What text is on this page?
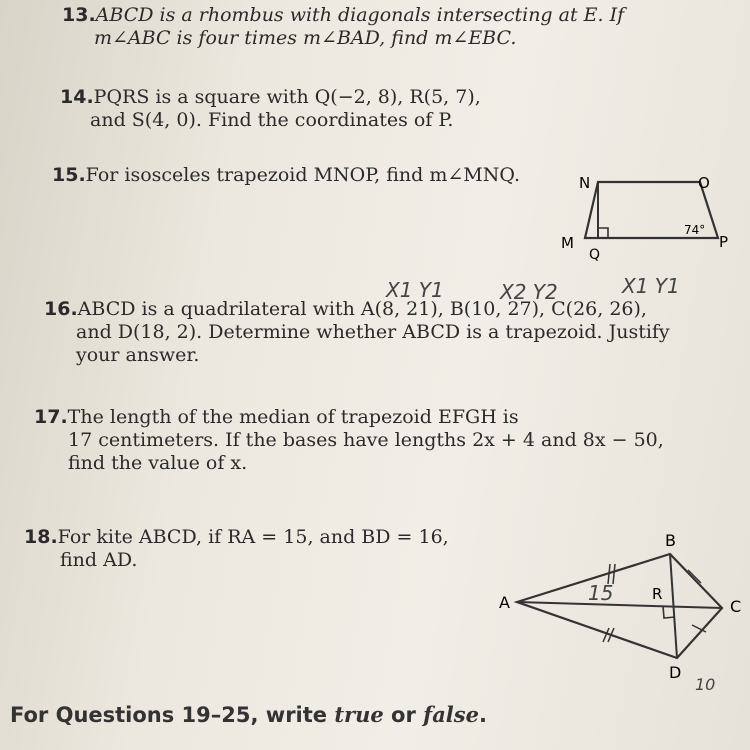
13.ABCD is a rhombus with diagonals intersecting at E. If
m∠ABC is four times m∠BAD, find m∠EBC.
14.PQRS is a square with Q(−2, 8), R(5, 7),
and S(4, 0). Find the coordinates of P.
15.For isosceles trapezoid MNOP, find m∠MNQ.	N	O
M	P
Q
74°
16.ABCD is a quadrilateral with A(8, 21), B(10, 27), C(26, 26),
and D(18, 2). Determine whether ABCD is a trapezoid. Justify
your answer.
X1 Y1	X2 Y2	X1 Y1
17.The length of the median of trapezoid EFGH is
17 centimeters. If the bases have lengths 2x + 4 and 8x − 50,
find the value of x.
18.For kite ABCD, if RA = 15, and BD = 16,
find AD.
A
B
C
D
R
15
10
For Questions 19–25, write true or false.
